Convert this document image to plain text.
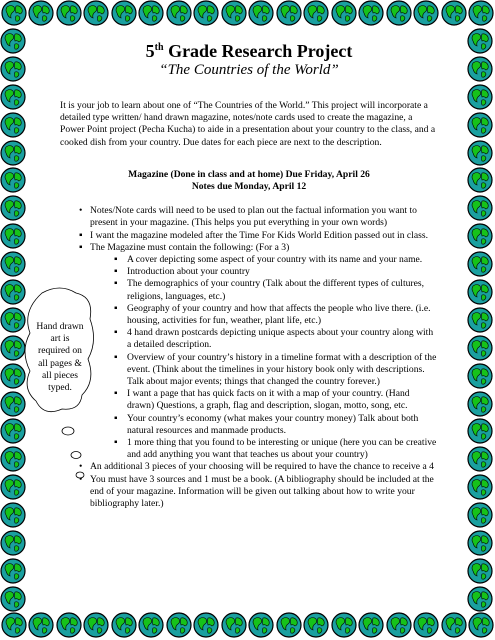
5th Grade Research Project
“The Countries of the World”

It is your job to learn about one of “The Countries of the World.” This project will incorporate a detailed type written/ hand drawn magazine, notes/note cards used to create the magazine, a Power Point project (Pecha Kucha) to aide in a presentation about your country to the class, and a cooked dish from your country. Due dates for each piece are next to the description.

Magazine (Done in class and at home) Due Friday, April 26
Notes due Monday, April 12
• Notes/Note cards will need to be used to plan out the factual information you want to present in your magazine. (This helps you put everything in your own words)
▪ I want the magazine modeled after the Time For Kids World Edition passed out in class.
▪ The Magazine must contain the following: (For a 3)
▪ A cover depicting some aspect of your country with its name and your name.
▪ Introduction about your country
▪ The demographics of your country (Talk about the different types of cultures, religions, languages, etc.)
▪ Geography of your country and how that affects the people who live there. (i.e. housing, activities for fun, weather, plant life, etc.)
▪ 4 hand drawn postcards depicting unique aspects about your country along with a detailed description.
▪ Overview of your country’s history in a timeline format with a description of the event. (Think about the timelines in your history book only with descriptions. Talk about major events; things that changed the country forever.)
▪ I want a page that has quick facts on it with a map of your country. (Hand drawn) Questions, a graph, flag and description, slogan, motto, song, etc.
▪ Your country’s economy (what makes your country money) Talk about both natural resources and manmade products.
▪ 1 more thing that you found to be interesting or unique (here you can be creative and add anything you want that teaches us about your country)
• An additional 3 pieces of your choosing will be required to have the chance to receive a 4
• You must have 3 sources and 1 must be a book. (A bibliography should be included at the end of your magazine. Information will be given out talking about how to write your bibliography later.)
Hand drawn art is required on all pages & all pieces typed.
